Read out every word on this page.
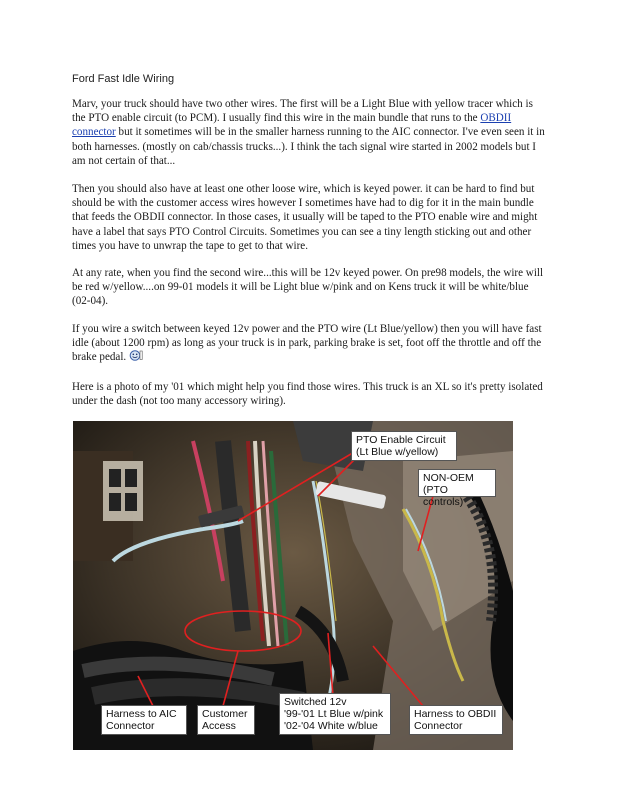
Ford Fast Idle Wiring

Marv, your truck should have two other wires. The first will be a Light Blue with yellow tracer which is the PTO enable circuit (to PCM). I usually find this wire in the main bundle that runs to the OBDII connector but it sometimes will be in the smaller harness running to the AIC connector. I've even seen it in both harnesses. (mostly on cab/chassis trucks...). I think the tach signal wire started in 2002 models but I am not certain of that...

Then you should also have at least one other loose wire, which is keyed power. it can be hard to find but should be with the customer access wires however I sometimes have had to dig for it in the main bundle that feeds the OBDII connector. In those cases, it usually will be taped to the PTO enable wire and might have a label that says PTO Control Circuits. Sometimes you can see a tiny length sticking out and other times you have to unwrap the tape to get to that wire.

At any rate, when you find the second wire...this will be 12v keyed power. On pre98 models, the wire will be red w/yellow....on 99-01 models it will be Light blue w/pink and on Kens truck it will be white/blue (02-04).

If you wire a switch between keyed 12v power and the PTO wire (Lt Blue/yellow) then you will have fast idle (about 1200 rpm) as long as your truck is in park, parking brake is set, foot off the throttle and off the brake pedal.

Here is a photo of my '01 which might help you find those wires. This truck is an XL so it's pretty isolated under the dash (not too many accessory wiring).

PTO Enable Circuit
(Lt Blue w/yellow)
NON-OEM
(PTO controls)
Harness to AIC
Connector
Customer
Access
Switched 12v
'99-'01 Lt Blue w/pink
'02-'04 White w/blue
Harness to OBDII
Connector
